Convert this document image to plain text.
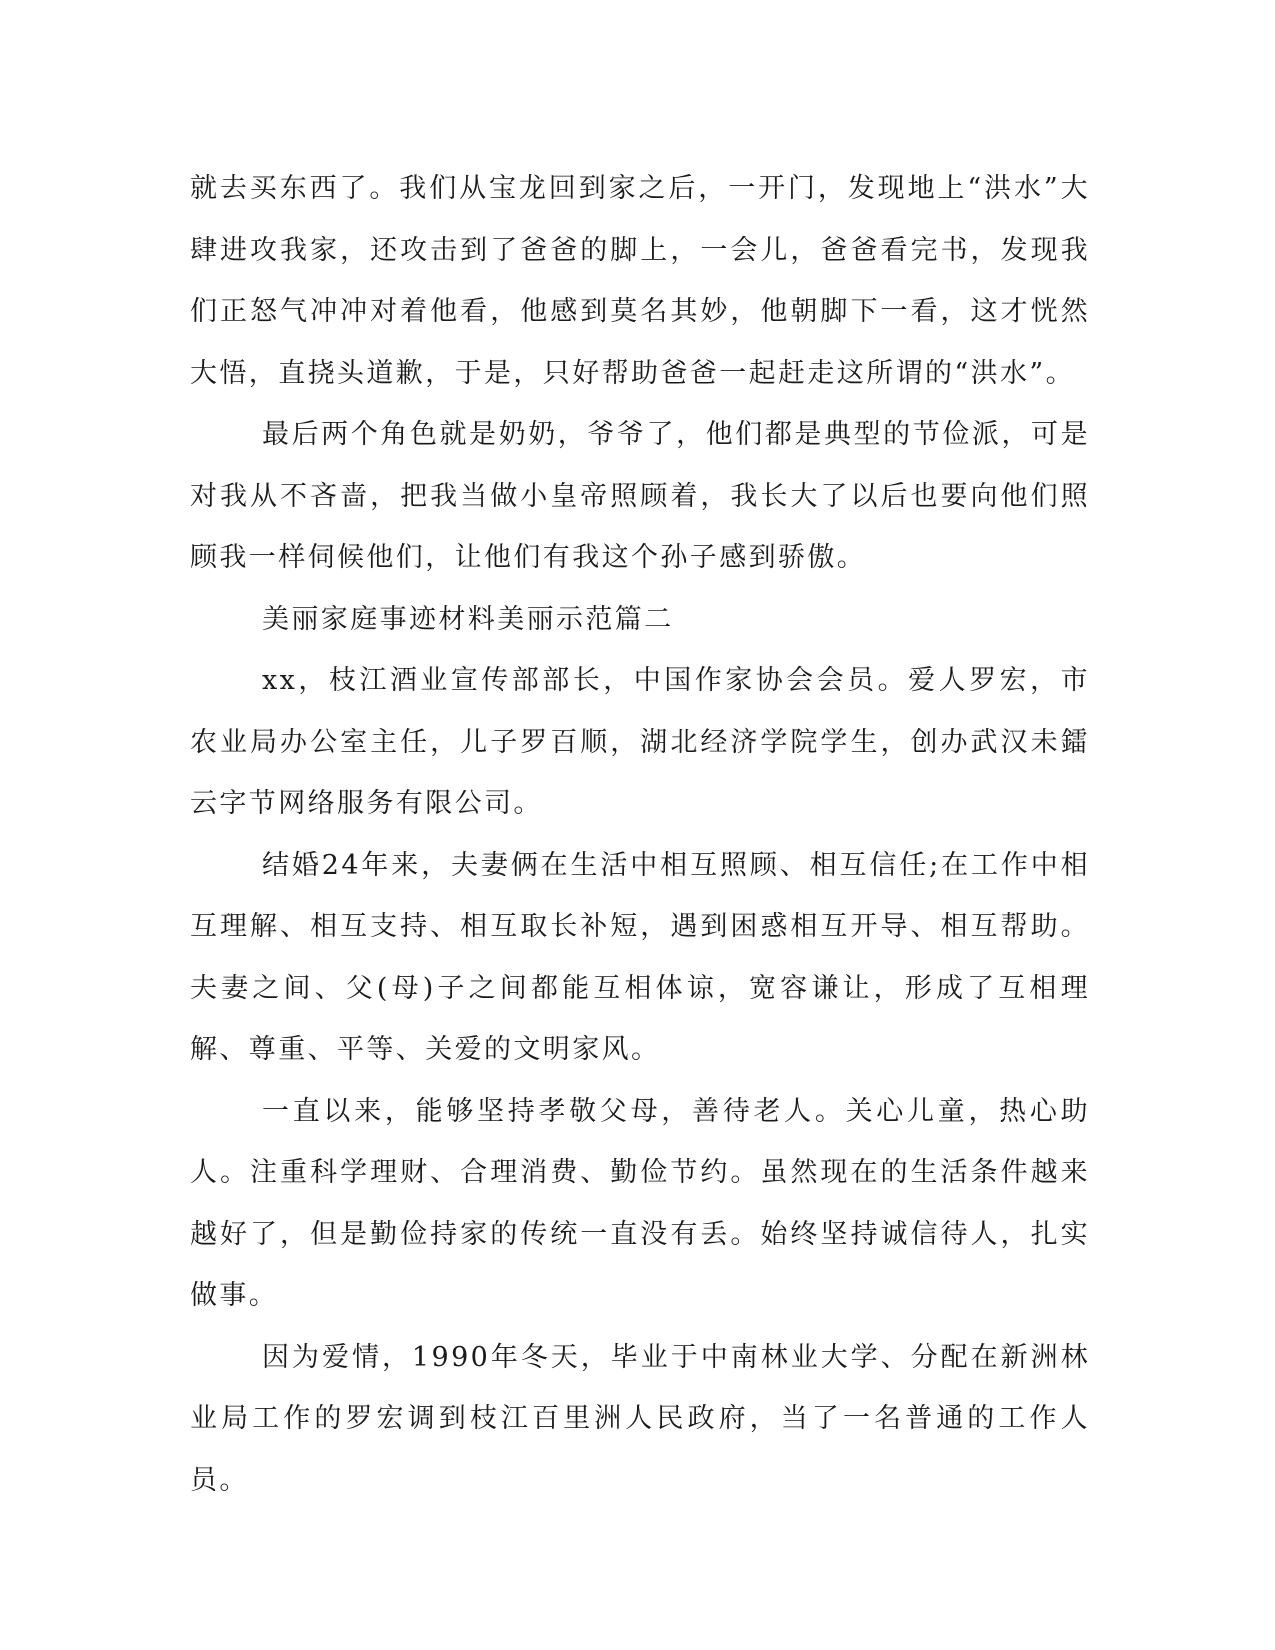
就去买东西了。我们从宝龙回到家之后，一开门，发现地上“洪水”大肆进攻我家，还攻击到了爸爸的脚上，一会儿，爸爸看完书，发现我们正怒气冲冲对着他看，他感到莫名其妙，他朝脚下一看，这才恍然大悟，直挠头道歉，于是，只好帮助爸爸一起赶走这所谓的“洪水”。

最后两个角色就是奶奶，爷爷了，他们都是典型的节俭派，可是对我从不吝啬，把我当做小皇帝照顾着，我长大了以后也要向他们照顾我一样伺候他们，让他们有我这个孙子感到骄傲。

美丽家庭事迹材料美丽示范篇二

xx，枝江酒业宣传部部长，中国作家协会会员。爱人罗宏，市农业局办公室主任，儿子罗百顺，湖北经济学院学生，创办武汉未鐳云字节网络服务有限公司。

结婚24年来，夫妻俩在生活中相互照顾、相互信任;在工作中相互理解、相互支持、相互取长补短，遇到困惑相互开导、相互帮助。夫妻之间、父(母)子之间都能互相体谅，宽容谦让，形成了互相理解、尊重、平等、关爱的文明家风。

一直以来，能够坚持孝敬父母，善待老人。关心儿童，热心助人。注重科学理财、合理消费、勤俭节约。虽然现在的生活条件越来越好了，但是勤俭持家的传统一直没有丢。始终坚持诚信待人，扎实做事。

因为爱情，1990年冬天，毕业于中南林业大学、分配在新洲林业局工作的罗宏调到枝江百里洲人民政府，当了一名普通的工作人员。
